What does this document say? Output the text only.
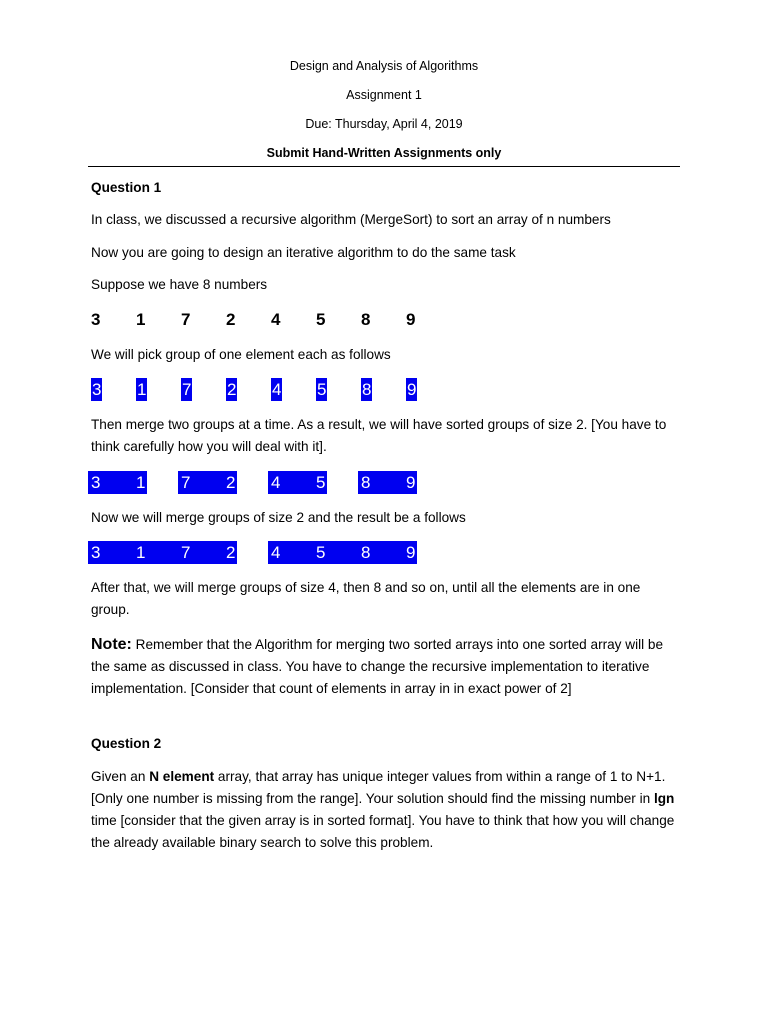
Design and Analysis of Algorithms
Assignment 1
Due: Thursday, April 4, 2019
Submit Hand-Written Assignments only
Question 1
In class, we discussed a recursive algorithm (MergeSort) to sort an array of n numbers
Now you are going to design an iterative algorithm to do the same task
Suppose we have 8 numbers
3 1 7 2 4 5 8 9
We will pick group of one element each as follows
3 1 7 2 4 5 8 9
Then merge two groups at a time. As a result, we will have sorted groups of size 2. [You have to think carefully how you will deal with it].
3 1 7 2 4 5 8 9
Now we will merge groups of size 2 and the result be a follows
3 1 7 2 4 5 8 9
After that, we will merge groups of size 4, then 8 and so on, until all the elements are in one group.
Note: Remember that the Algorithm for merging two sorted arrays into one sorted array will be the same as discussed in class. You have to change the recursive implementation to iterative implementation. [Consider that count of elements in array in in exact power of 2]
Question 2
Given an N element array, that array has unique integer values from within a range of 1 to N+1. [Only one number is missing from the range]. Your solution should find the missing number in lgn time [consider that the given array is in sorted format]. You have to think that how you will change the already available binary search to solve this problem.
